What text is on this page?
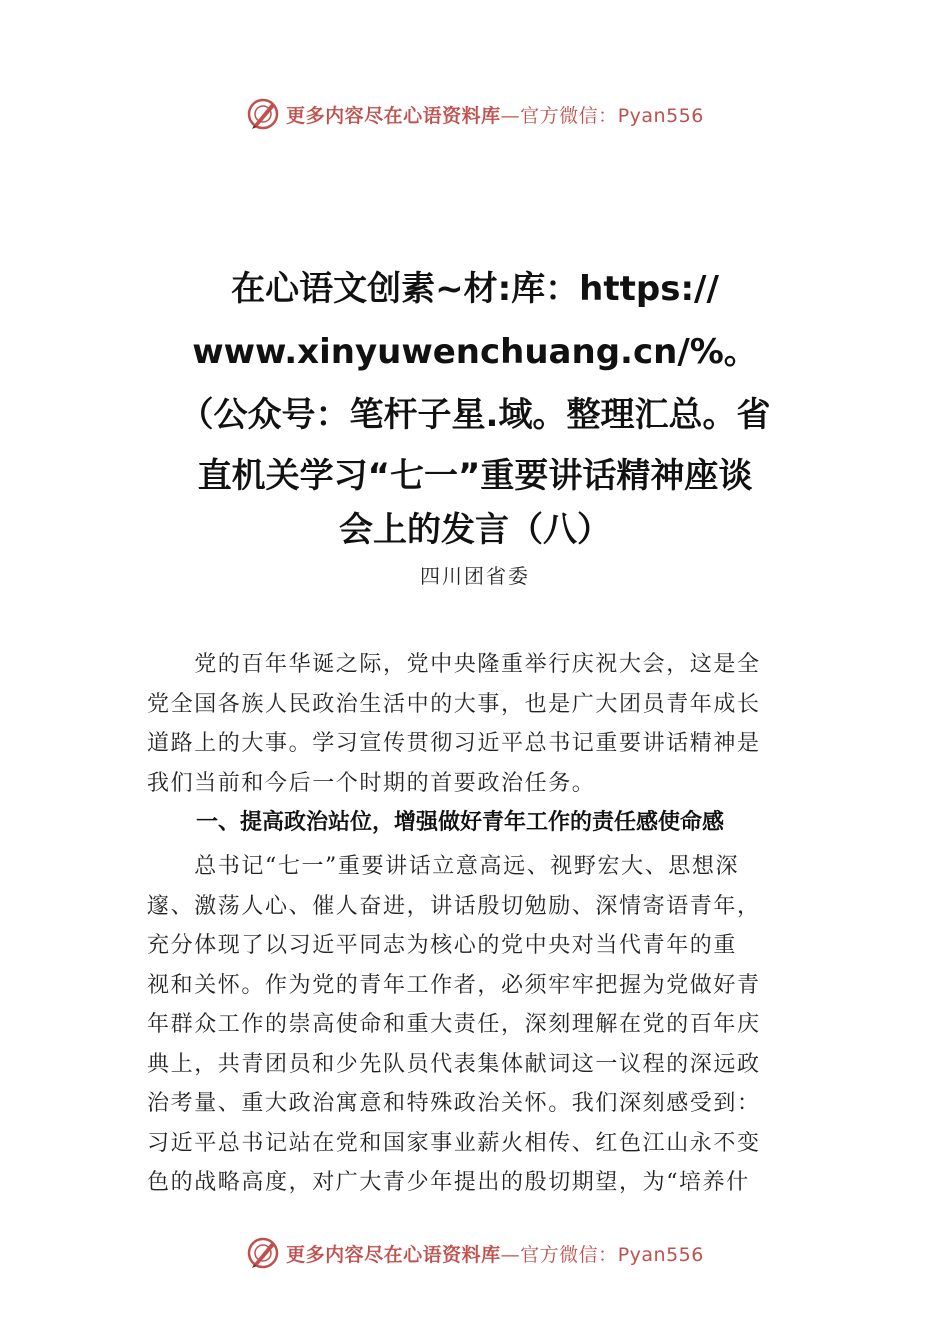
更多内容尽在心语资料库—官方微信：Pyan556
在心语文创素~材:库：https://
www.xinyuwenchuang.cn/%。
（公众号：笔杆子星.域。整理汇总。省
直机关学习“七一”重要讲话精神座谈
会上的发言（八）
四川团省委
　　党的百年华诞之际，党中央隆重举行庆祝大会，这是全
党全国各族人民政治生活中的大事，也是广大团员青年成长
道路上的大事。学习宣传贯彻习近平总书记重要讲话精神是
我们当前和今后一个时期的首要政治任务。
一、提高政治站位，增强做好青年工作的责任感使命感
　　总书记“七一”重要讲话立意高远、视野宏大、思想深
邃、激荡人心、催人奋进，讲话殷切勉励、深情寄语青年，
充分体现了以习近平同志为核心的党中央对当代青年的重
视和关怀。作为党的青年工作者，必须牢牢把握为党做好青
年群众工作的崇高使命和重大责任，深刻理解在党的百年庆
典上，共青团员和少先队员代表集体献词这一议程的深远政
治考量、重大政治寓意和特殊政治关怀。我们深刻感受到：
习近平总书记站在党和国家事业薪火相传、红色江山永不变
色的战略高度，对广大青少年提出的殷切期望，为“培养什
更多内容尽在心语资料库—官方微信：Pyan556
